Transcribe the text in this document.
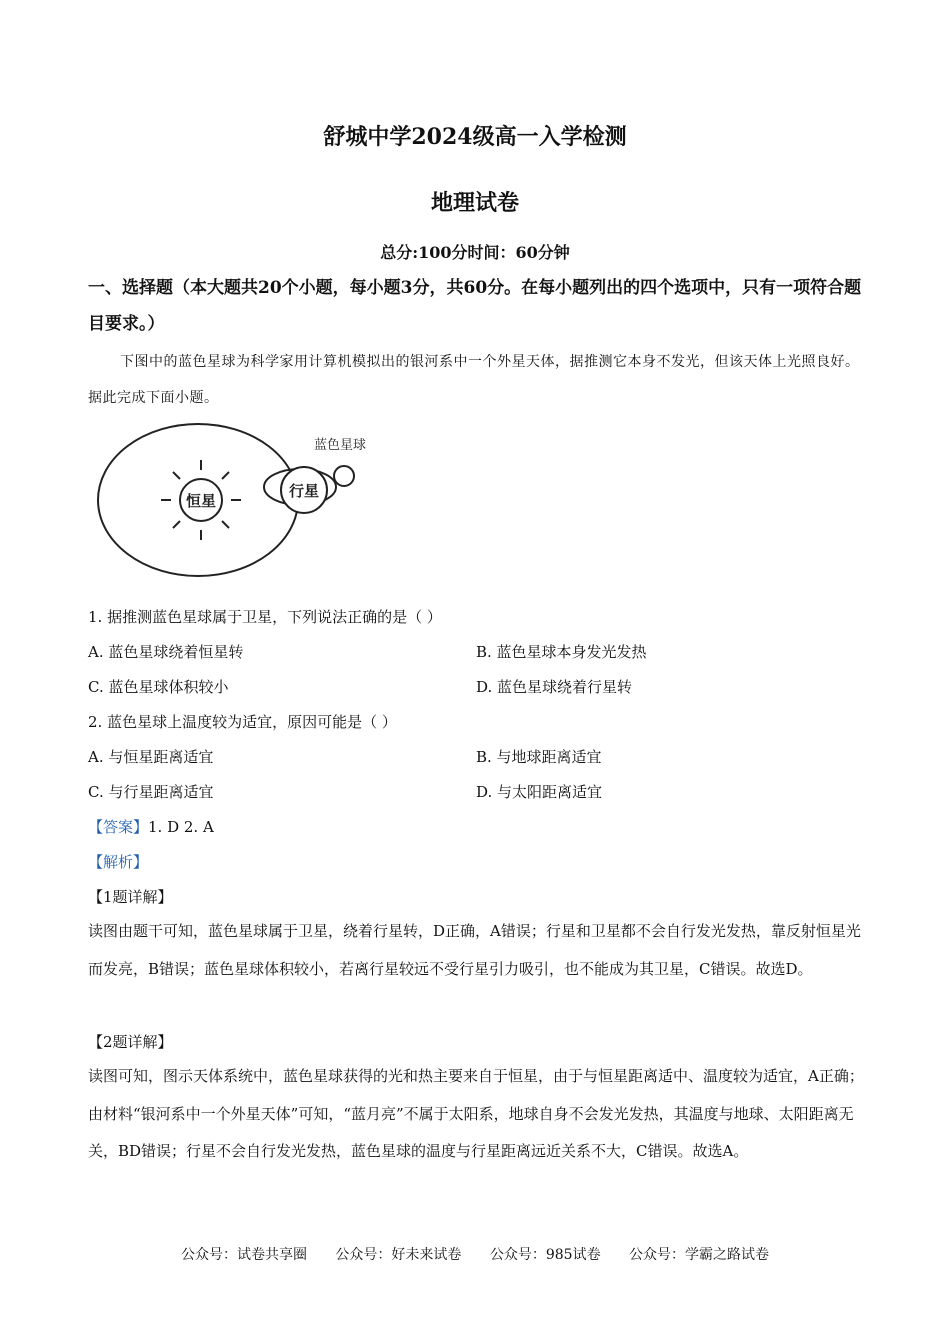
舒城中学2024级高一入学检测
地理试卷
总分:100分时间：60分钟
一、选择题（本大题共20个小题，每小题3分，共60分。在每小题列出的四个选项中，只有一项符合题目要求。）
下图中的蓝色星球为科学家用计算机模拟出的银河系中一个外星天体，据推测它本身不发光，但该天体上光照良好。据此完成下面小题。
恒星
行星
蓝色星球
1. 据推测蓝色星球属于卫星，下列说法正确的是（ ）
A. 蓝色星球绕着恒星转	B. 蓝色星球本身发光发热
C. 蓝色星球体积较小	D. 蓝色星球绕着行星转
2. 蓝色星球上温度较为适宜，原因可能是（ ）
A. 与恒星距离适宜	B. 与地球距离适宜
C. 与行星距离适宜	D. 与太阳距离适宜
【答案】1. D 2. A
【解析】
【1题详解】
读图由题干可知，蓝色星球属于卫星，绕着行星转，D正确，A错误；行星和卫星都不会自行发光发热，靠反射恒星光而发亮，B错误；蓝色星球体积较小，若离行星较远不受行星引力吸引，也不能成为其卫星，C错误。故选D。
【2题详解】
读图可知，图示天体系统中，蓝色星球获得的光和热主要来自于恒星，由于与恒星距离适中、温度较为适宜，A正确；由材料“银河系中一个外星天体”可知，“蓝月亮”不属于太阳系，地球自身不会发光发热，其温度与地球、太阳距离无关，BD错误；行星不会自行发光发热，蓝色星球的温度与行星距离远近关系不大，C错误。故选A。
公众号：试卷共享圈 公众号：好未来试卷 公众号：985试卷 公众号：学霸之路试卷
